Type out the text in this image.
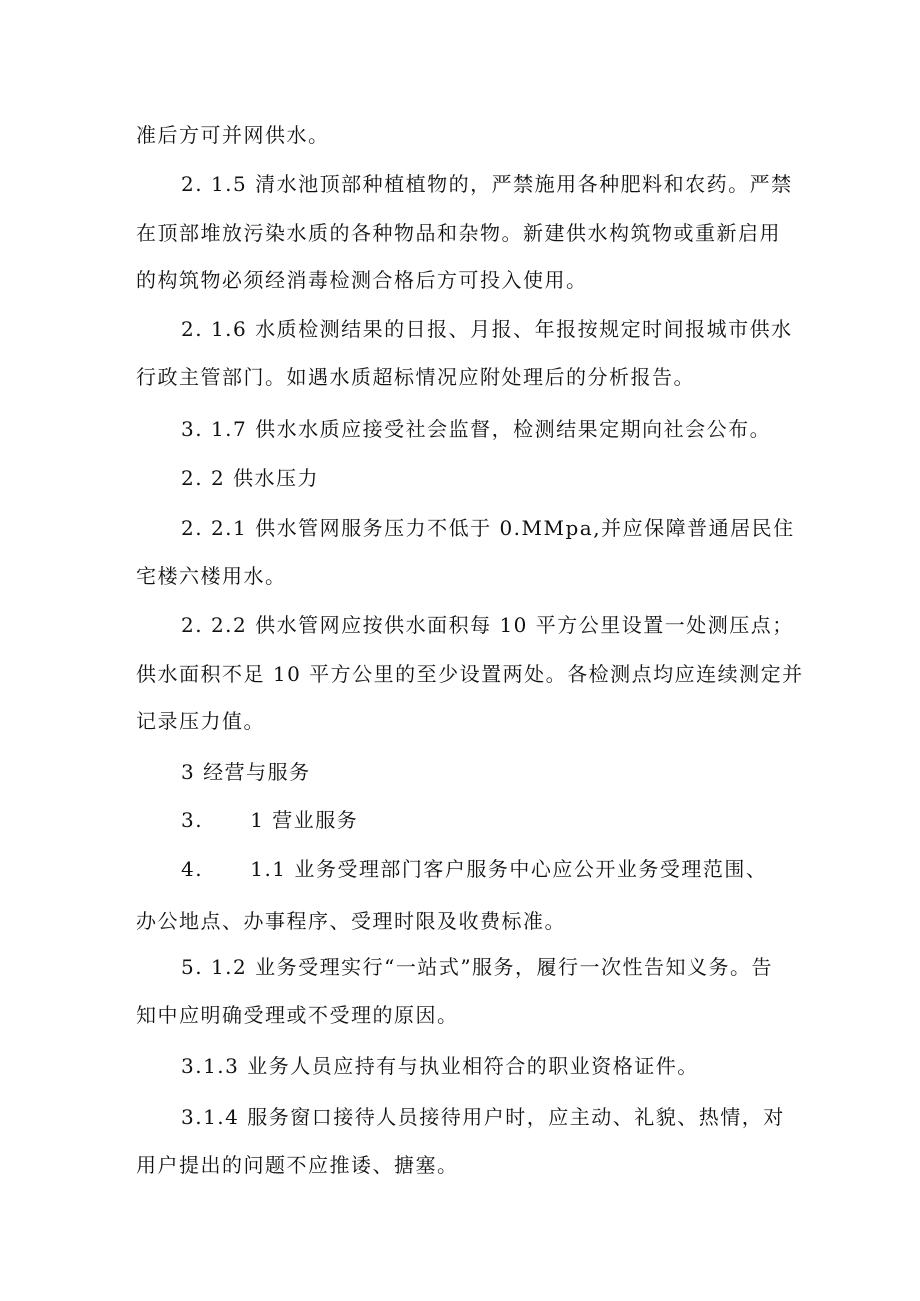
准后方可并网供水。
2. 1.5 清水池顶部种植植物的，严禁施用各种肥料和农药。严禁
在顶部堆放污染水质的各种物品和杂物。新建供水构筑物或重新启用
的构筑物必须经消毒检测合格后方可投入使用。
2. 1.6 水质检测结果的日报、月报、年报按规定时间报城市供水
行政主管部门。如遇水质超标情况应附处理后的分析报告。
3. 1.7 供水水质应接受社会监督，检测结果定期向社会公布。
2. 2 供水压力
2. 2.1 供水管网服务压力不低于 0.MMpa,并应保障普通居民住
宅楼六楼用水。
2. 2.2 供水管网应按供水面积每 10 平方公里设置一处测压点；
供水面积不足 10 平方公里的至少设置两处。各检测点均应连续测定并
记录压力值。
3 经营与服务
3.      1 营业服务
4.      1.1 业务受理部门客户服务中心应公开业务受理范围、
办公地点、办事程序、受理时限及收费标准。
5. 1.2 业务受理实行“一站式”服务，履行一次性告知义务。告
知中应明确受理或不受理的原因。
3.1.3 业务人员应持有与执业相符合的职业资格证件。
3.1.4 服务窗口接待人员接待用户时，应主动、礼貌、热情，对
用户提出的问题不应推诿、搪塞。
